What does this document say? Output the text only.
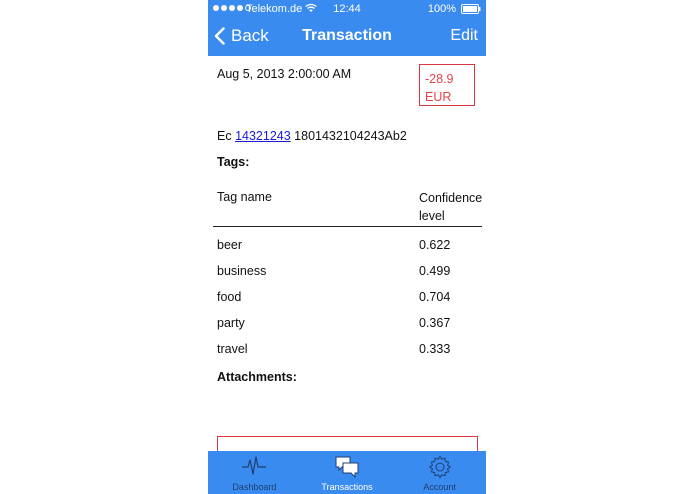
Telekom.de	12:44	100%
Back	Transaction	Edit
Aug 5, 2013 2:00:00 AM	-28.9
EUR
Ec 14321243 1801432104243Ab2
Tags:
Tag name	Confidence level
beer	0.622
business	0.499
food	0.704
party	0.367
travel	0.333
Attachments:
Dashboard	Transactions	Account
